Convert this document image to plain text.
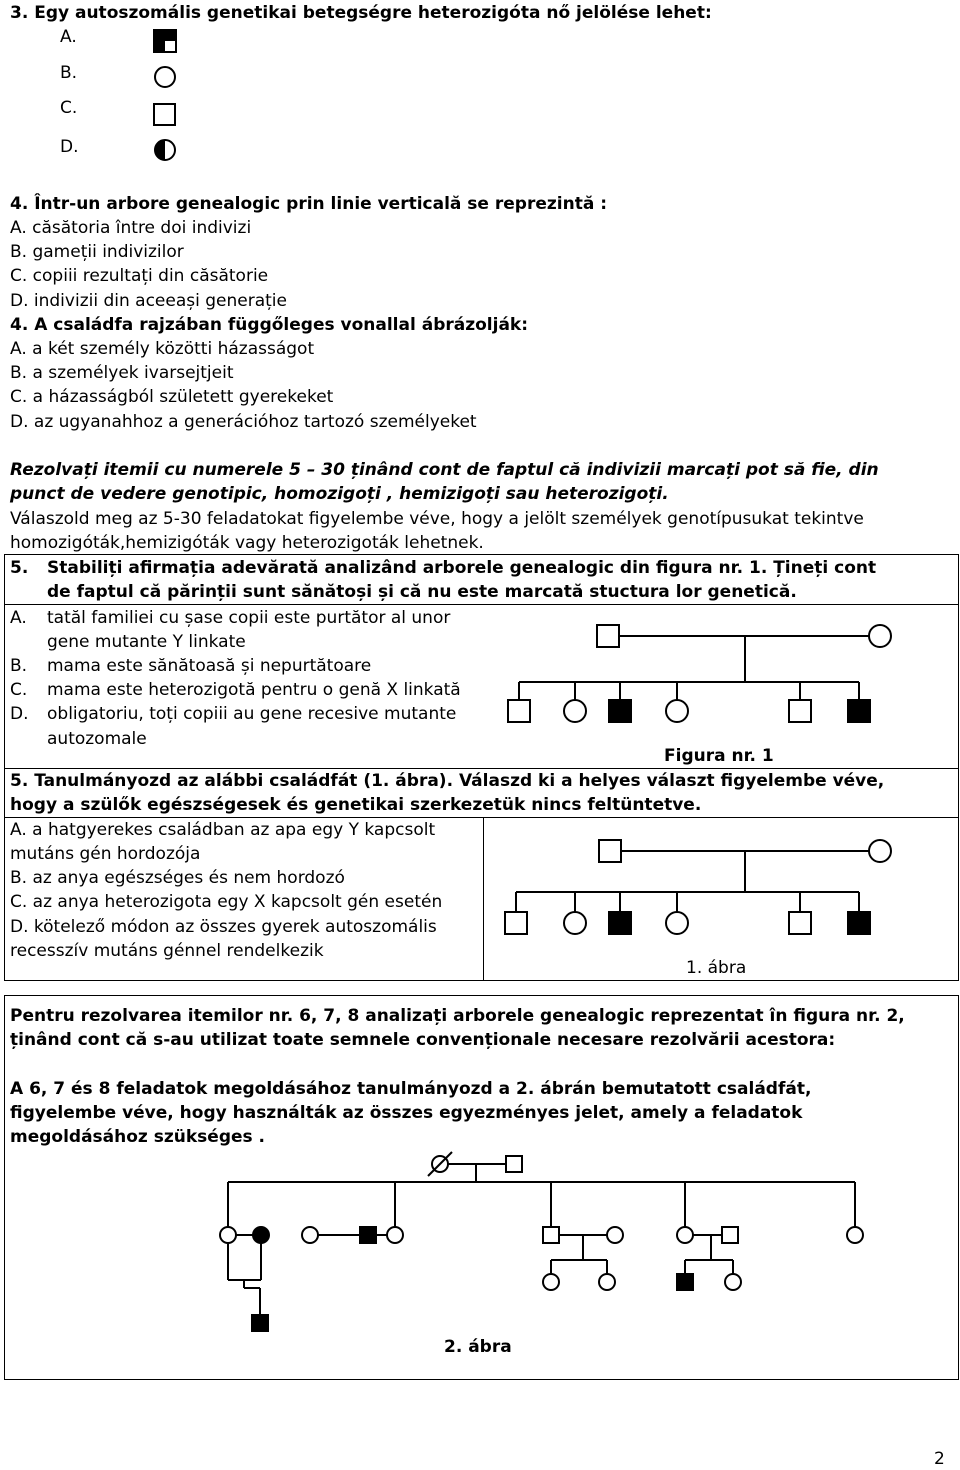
3. Egy autoszomális genetikai betegségre heterozigóta nő jelölése lehet:
A.
B.
C.
D.
4. Într-un arbore genealogic prin linie verticală se reprezintă :
A. căsătoria între doi indivizi
B. gameții indivizilor
C. copiii rezultați din căsătorie
D. indivizii din aceeași generație
4. A családfa rajzában függőleges vonallal ábrázolják:
A. a két személy közötti házasságot
B. a személyek ivarsejtjeit
C. a házasságból született gyerekeket
D. az ugyanahhoz a generációhoz tartozó személyeket
Rezolvați itemii cu numerele 5 – 30 ținând cont de faptul că indivizii marcați pot să fie, din
punct de vedere genotipic, homozigoți , hemizigoți sau heterozigoți.
Válaszold meg az 5-30 feladatokat figyelembe véve, hogy a jelölt személyek genotípusukat tekintve
homozigóták,hemizigóták vagy heterozigoták lehetnek.
5. Stabiliți afirmația adevărată analizând arborele genealogic din figura nr. 1. Țineți cont
de faptul că părinții sunt sănătoși și că nu este marcată stuctura lor genetică.
A. tatăl familiei cu șase copii este purtător al unor
gene mutante Y linkate
B. mama este sănătoasă și nepurtătoare
C. mama este heterozigotă pentru o genă X linkată
D. obligatoriu, toți copiii au gene recesive mutante
autozomale
Figura nr. 1
5. Tanulmányozd az alábbi családfát (1. ábra). Válaszd ki a helyes választ figyelembe véve,
hogy a szülők egészségesek és genetikai szerkezetük nincs feltüntetve.
A. a hatgyerekes családban az apa egy Y kapcsolt
mutáns gén hordozója
B. az anya egészséges és nem hordozó
C. az anya heterozigota egy X kapcsolt gén esetén
D. kötelező módon az összes gyerek autoszomális
recesszív mutáns génnel rendelkezik
1. ábra
Pentru rezolvarea itemilor nr. 6, 7, 8 analizați arborele genealogic reprezentat în figura nr. 2,
ținând cont că s-au utilizat toate semnele convenționale necesare rezolvării acestora:
A 6, 7 és 8 feladatok megoldásához tanulmányozd a 2. ábrán bemutatott családfát,
figyelembe véve, hogy használták az összes egyezményes jelet, amely a feladatok
megoldásához szükséges .
2. ábra
2
